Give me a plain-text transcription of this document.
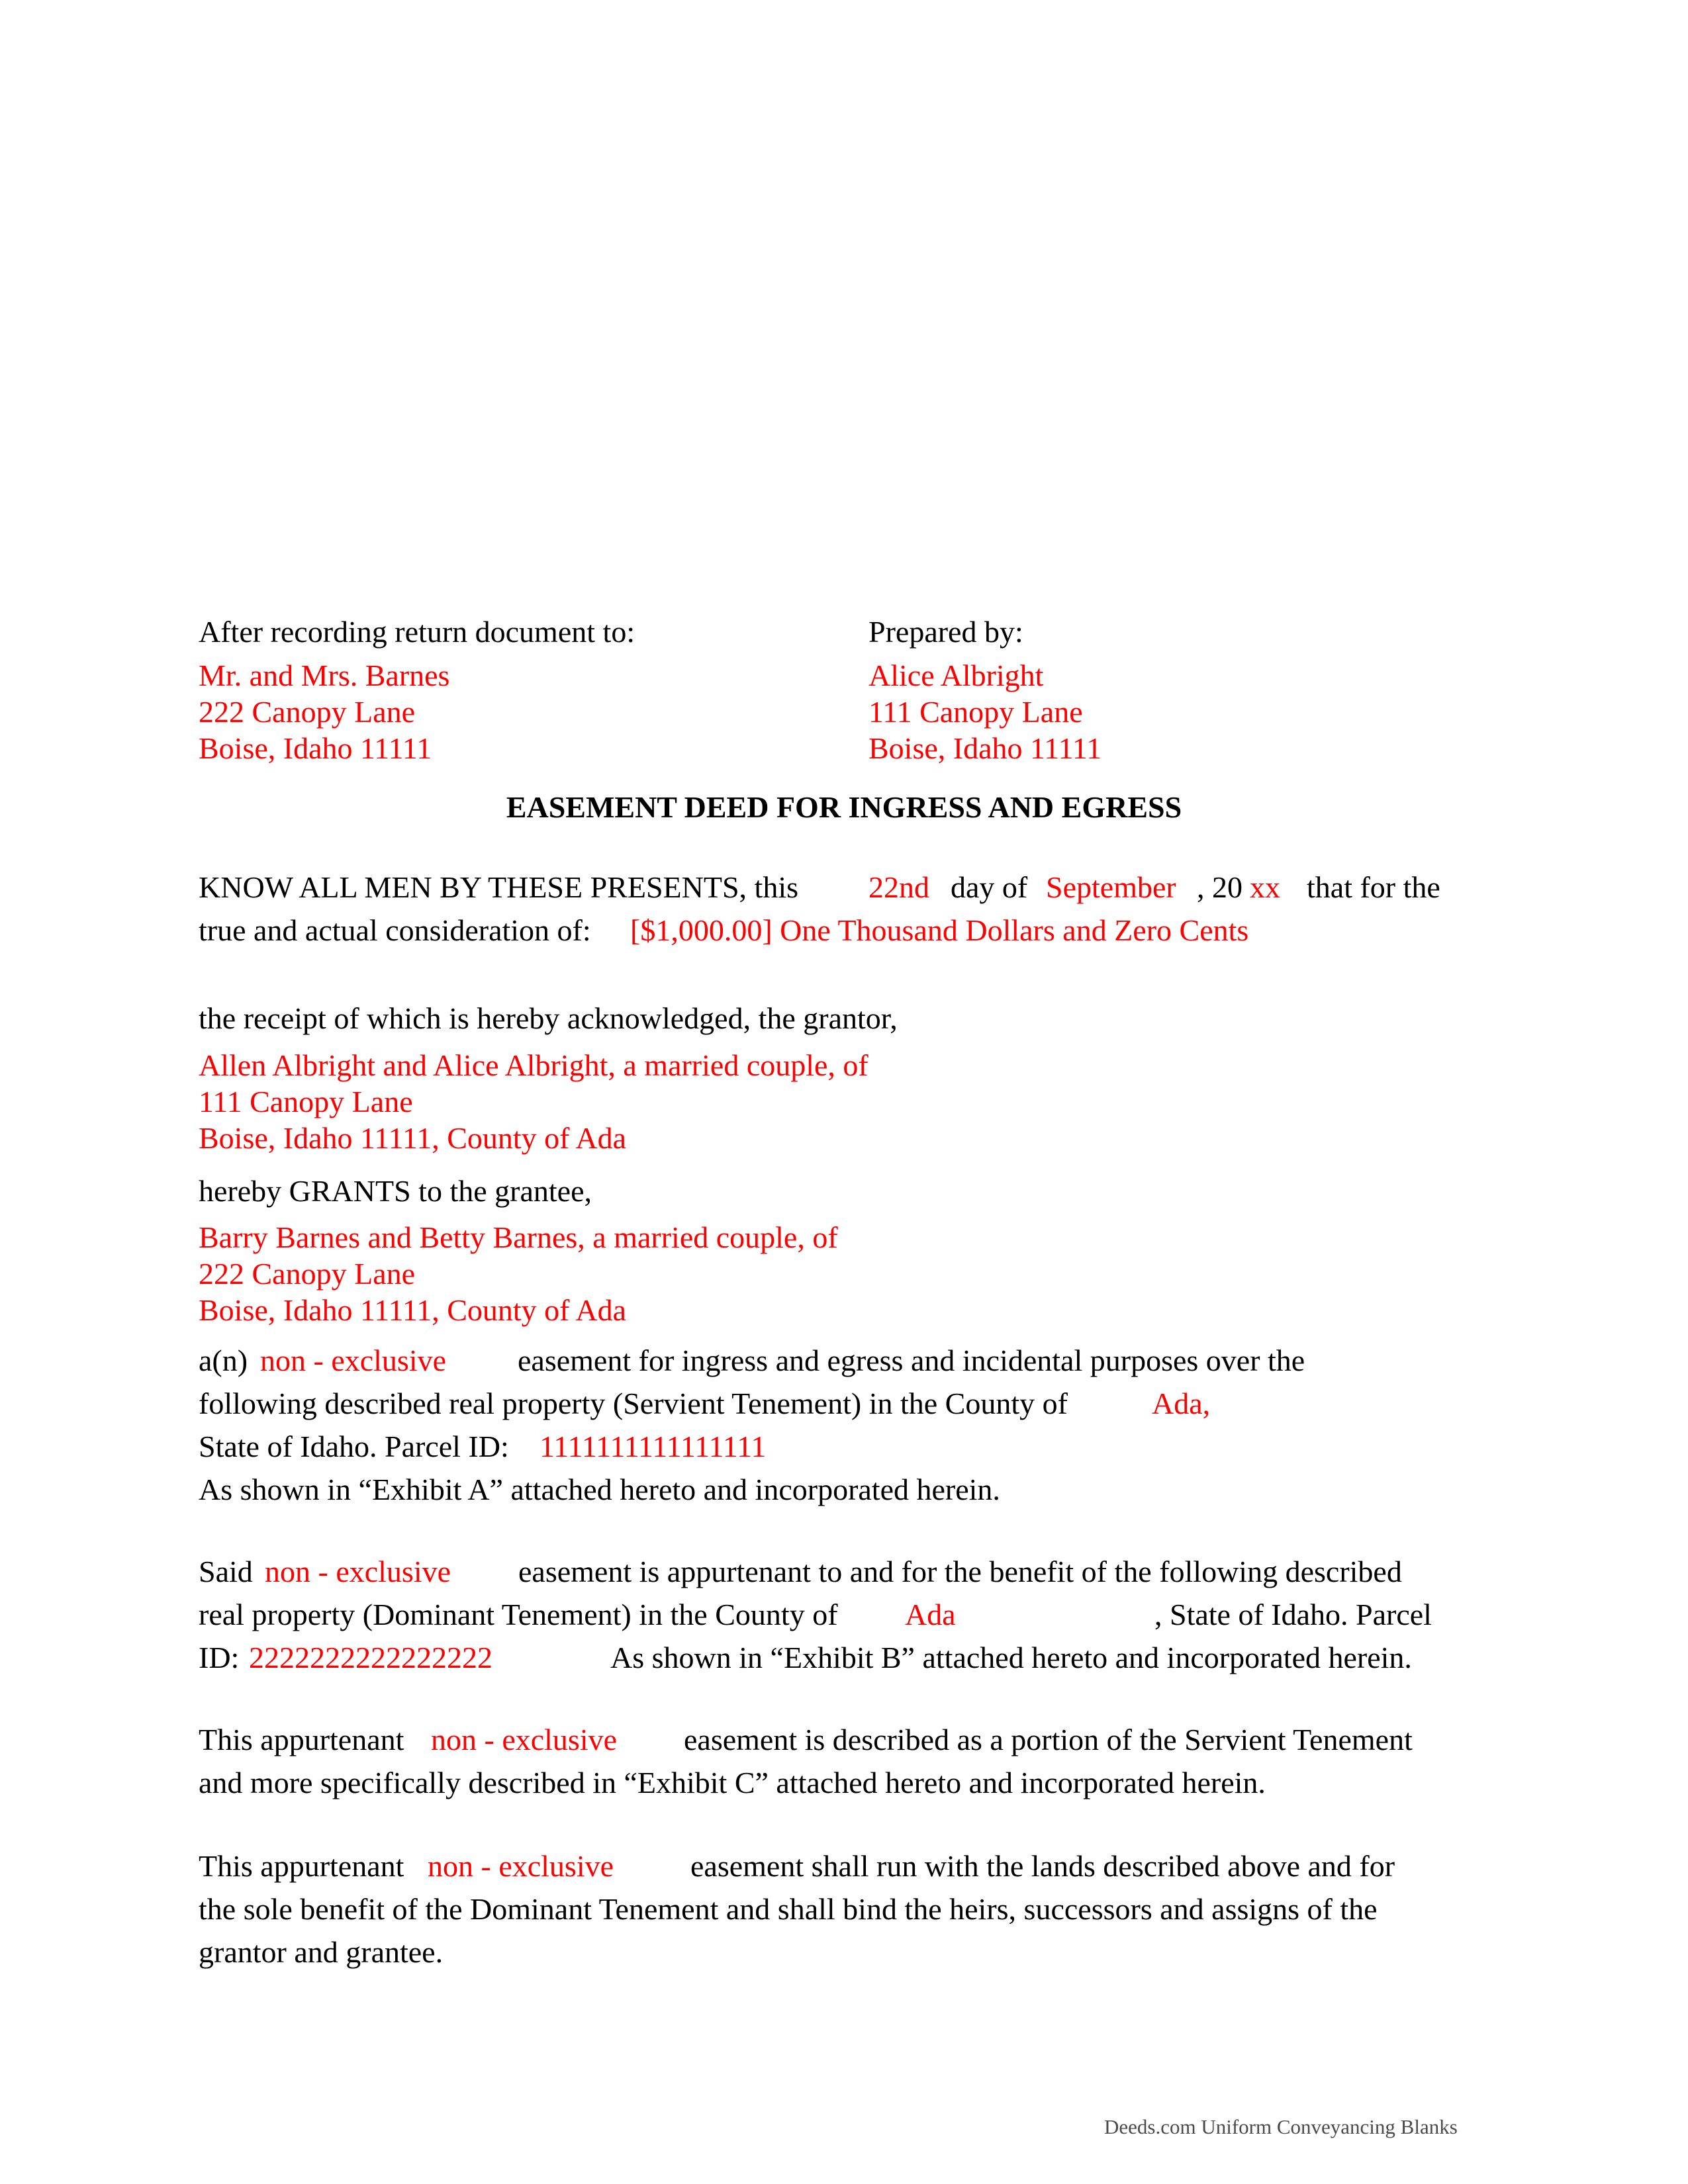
After recording return document to:
Mr. and Mrs. Barnes
222 Canopy Lane
Boise, Idaho 11111
Prepared by:
Alice Albright
111 Canopy Lane
Boise, Idaho 11111
EASEMENT DEED FOR INGRESS AND EGRESS
KNOW ALL MEN BY THESE PRESENTS, this 22nd day of September , 20 xx that for the
true and actual consideration of: [$1,000.00] One Thousand Dollars and Zero Cents
the receipt of which is hereby acknowledged, the grantor,
Allen Albright and Alice Albright, a married couple, of
111 Canopy Lane
Boise, Idaho 11111, County of Ada
hereby GRANTS to the grantee,
Barry Barnes and Betty Barnes, a married couple, of
222 Canopy Lane
Boise, Idaho 11111, County of Ada
a(n) non - exclusive easement for ingress and egress and incidental purposes over the
following described real property (Servient Tenement) in the County of	Ada,
State of Idaho. Parcel ID: 1111111111111111
As shown in “Exhibit A” attached hereto and incorporated herein.
Said non - exclusive easement is appurtenant to and for the benefit of the following described
real property (Dominant Tenement) in the County of Ada	, State of Idaho. Parcel
ID: 2222222222222222	As shown in “Exhibit B” attached hereto and incorporated herein.
This appurtenant non - exclusive easement is described as a portion of the Servient Tenement
and more specifically described in “Exhibit C” attached hereto and incorporated herein.
This appurtenant non - exclusive	easement shall run with the lands described above and for
the sole benefit of the Dominant Tenement and shall bind the heirs, successors and assigns of the
grantor and grantee.
Deeds.com Uniform Conveyancing Blanks
